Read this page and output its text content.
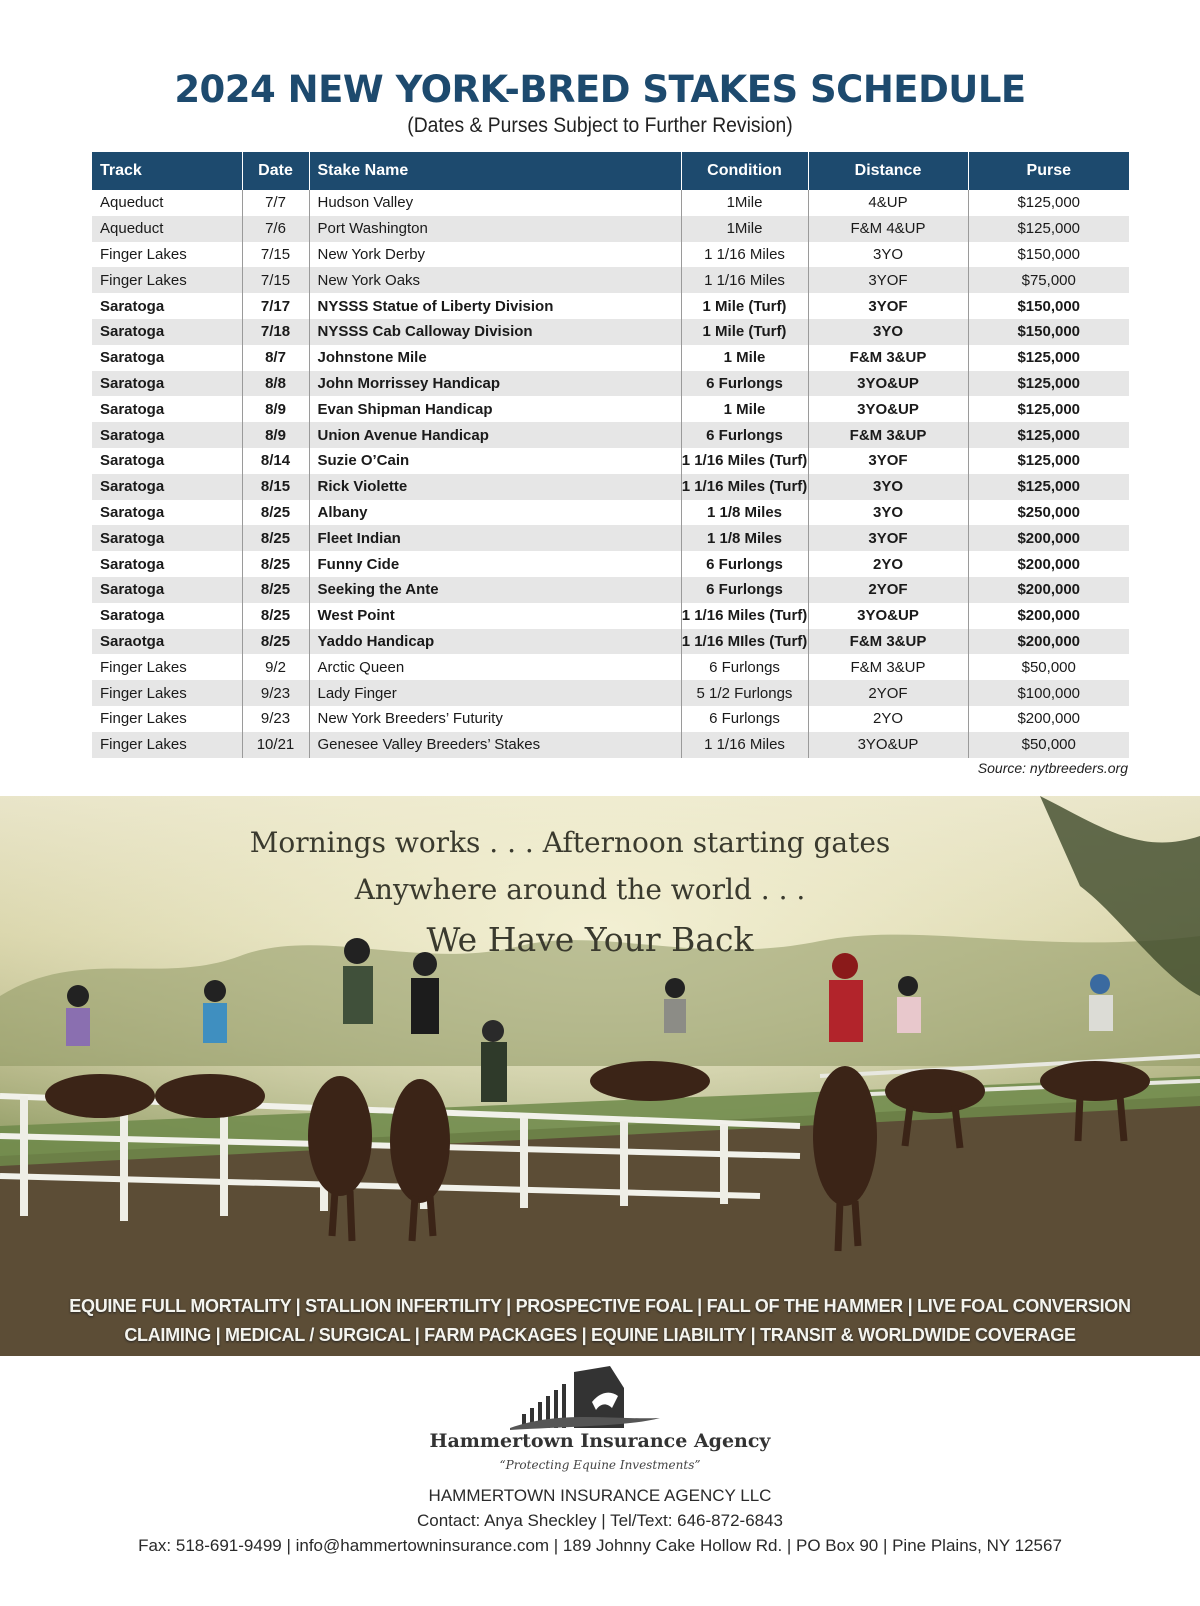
2024 NEW YORK-BRED STAKES SCHEDULE
(Dates & Purses Subject to Further Revision)
Track	Date	Stake Name	Condition	Distance	Purse
Aqueduct	7/7	Hudson Valley	1Mile	4&UP	$125,000
Aqueduct	7/6	Port Washington	1Mile	F&M 4&UP	$125,000
Finger Lakes	7/15	New York Derby	1 1/16 Miles	3YO	$150,000
Finger Lakes	7/15	New York Oaks	1 1/16 Miles	3YOF	$75,000
Saratoga	7/17	NYSSS Statue of Liberty Division	1 Mile (Turf)	3YOF	$150,000
Saratoga	7/18	NYSSS Cab Calloway Division	1 Mile (Turf)	3YO	$150,000
Saratoga	8/7	Johnstone Mile	1 Mile	F&M 3&UP	$125,000
Saratoga	8/8	John Morrissey Handicap	6 Furlongs	3YO&UP	$125,000
Saratoga	8/9	Evan Shipman Handicap	1 Mile	3YO&UP	$125,000
Saratoga	8/9	Union Avenue Handicap	6 Furlongs	F&M 3&UP	$125,000
Saratoga	8/14	Suzie O’Cain	1 1/16 Miles (Turf)	3YOF	$125,000
Saratoga	8/15	Rick Violette	1 1/16 Miles (Turf)	3YO	$125,000
Saratoga	8/25	Albany	1 1/8 Miles	3YO	$250,000
Saratoga	8/25	Fleet Indian	1 1/8 Miles	3YOF	$200,000
Saratoga	8/25	Funny Cide	6 Furlongs	2YO	$200,000
Saratoga	8/25	Seeking the Ante	6 Furlongs	2YOF	$200,000
Saratoga	8/25	West Point	1 1/16 Miles (Turf)	3YO&UP	$200,000
Saraotga	8/25	Yaddo Handicap	1 1/16 MIles (Turf)	F&M 3&UP	$200,000
Finger Lakes	9/2	Arctic Queen	6 Furlongs	F&M 3&UP	$50,000
Finger Lakes	9/23	Lady Finger	5 1/2 Furlongs	2YOF	$100,000
Finger Lakes	9/23	New York Breeders’ Futurity	6 Furlongs	2YO	$200,000
Finger Lakes	10/21	Genesee Valley Breeders’ Stakes	1 1/16 Miles	3YO&UP	$50,000
Source: nytbreeders.org
Mornings works . . . Afternoon starting gates
Anywhere around the world . . .
We Have Your Back
EQUINE FULL MORTALITY | STALLION INFERTILITY | PROSPECTIVE FOAL | FALL OF THE HAMMER | LIVE FOAL CONVERSION
CLAIMING | MEDICAL / SURGICAL | FARM PACKAGES | EQUINE LIABILITY | TRANSIT & WORLDWIDE COVERAGE
Hammertown Insurance Agency
“Protecting Equine Investments”
HAMMERTOWN INSURANCE AGENCY LLC
Contact: Anya Sheckley | Tel/Text: 646-872-6843
Fax: 518-691-9499 | info@hammertowninsurance.com | 189 Johnny Cake Hollow Rd. | PO Box 90 | Pine Plains, NY 12567
